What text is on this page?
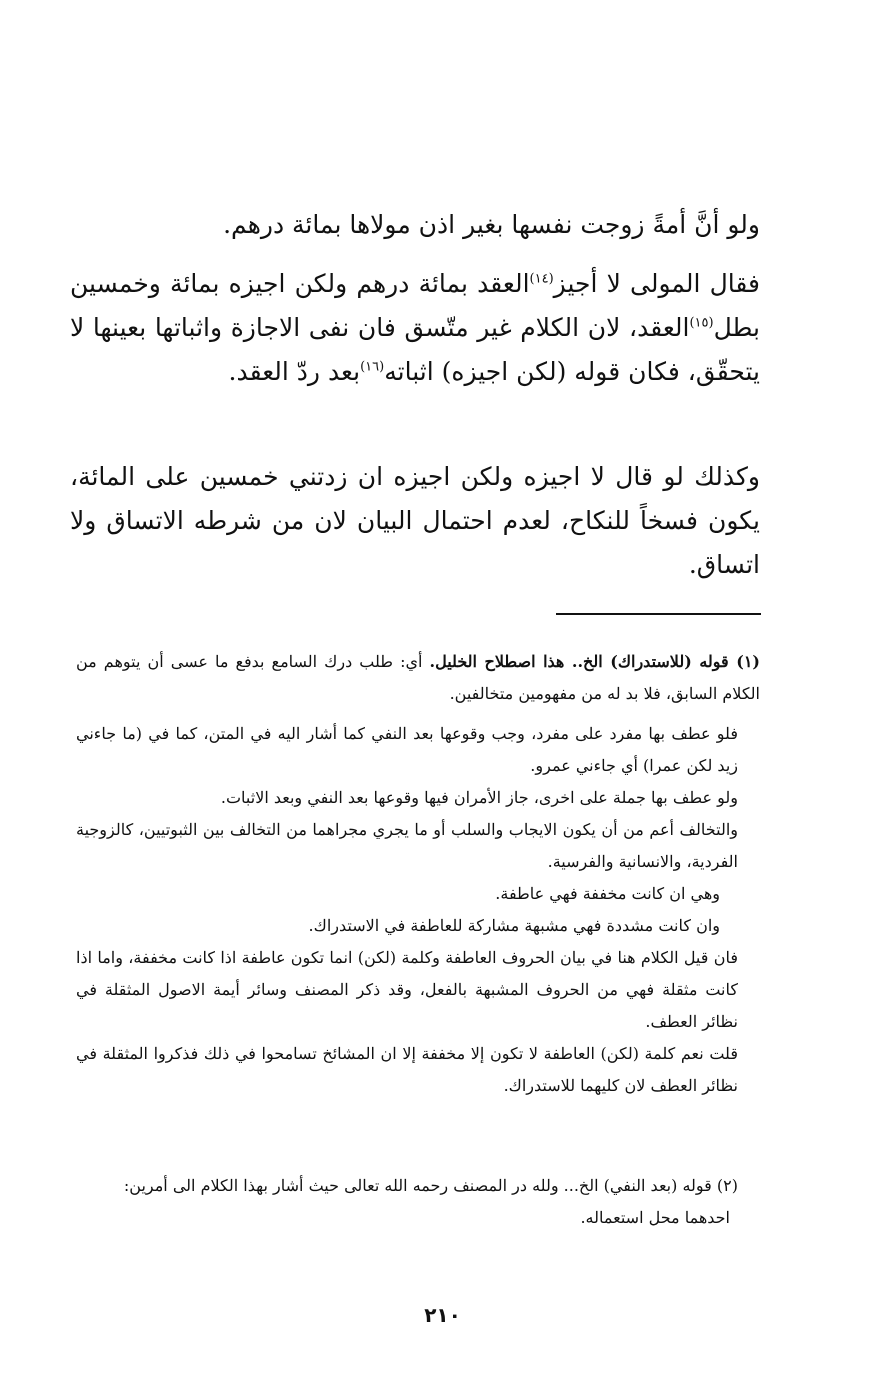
ولو أنَّ أمةً زوجت نفسها بغير اذن مولاها بمائة درهم.

فقال المولى لا أجيز$^{(١٤)}$العقد بمائة درهم ولكن اجيزه بمائة وخمسين بطل$^{(١٥)}$العقد، لان الكلام غير متّسق فان نفى الاجازة واثباتها بعينها لا يتحقّق، فكان قوله (لكن اجيزه) اثباته$^{(١٦)}$بعد ردّ العقد.

وكذلك لو قال لا اجيزه ولكن اجيزه ان زدتني خمسين على المائة، يكون فسخاً للنكاح، لعدم احتمال البيان لان من شرطه الاتساق ولا اتساق.

(١) قوله (للاستدراك) الخ.. هذا اصطلاح الخليل. أي: طلب درك السامع بدفع ما عسى أن يتوهم من الكلام السابق، فلا بد له من مفهومين متخالفين.

فلو عطف بها مفرد على مفرد، وجب وقوعها بعد النفي كما أشار اليه في المتن، كما في (ما جاءني زيد لكن عمرا) أي جاءني عمرو.

ولو عطف بها جملة على اخرى، جاز الأمران فيها وقوعها بعد النفي وبعد الاثبات.

والتخالف أعم من أن يكون الايجاب والسلب أو ما يجري مجراهما من التخالف بين الثبوتيين، كالزوجية الفردية، والانسانية والفرسية.

وهي ان كانت مخففة فهي عاطفة.

وان كانت مشددة فهي مشبهة مشاركة للعاطفة في الاستدراك.

فان قيل الكلام هنا في بيان الحروف العاطفة وكلمة (لكن) انما تكون عاطفة اذا كانت مخففة، واما اذا كانت مثقلة فهي من الحروف المشبهة بالفعل، وقد ذكر المصنف وسائر أيمة الاصول المثقلة في نظائر العطف.

قلت نعم كلمة (لكن) العاطفة لا تكون إلا مخففة إلا ان المشائخ تسامحوا في ذلك فذكروا المثقلة في نظائر العطف لان كليهما للاستدراك.

(٢) قوله (بعد النفي) الخ... ولله در المصنف رحمه الله تعالى حيث أشار بهذا الكلام الى أمرين:

احدهما محل استعماله.

٢١٠
